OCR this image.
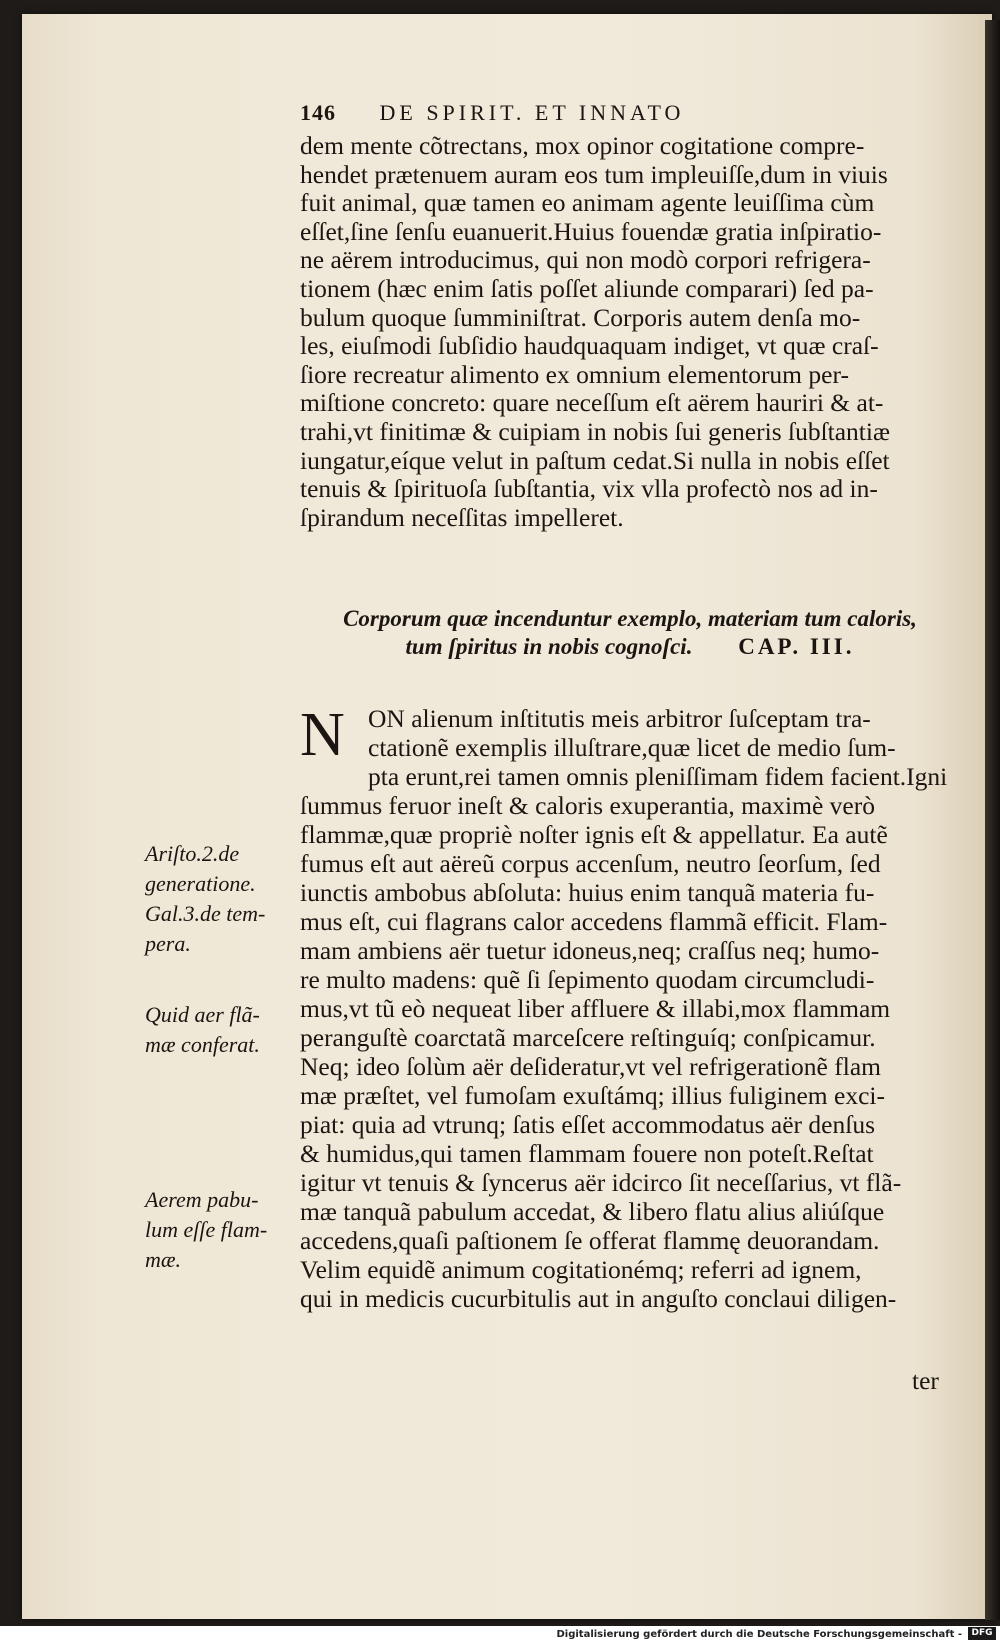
146 DE SPIRIT. ET INNATO
dem mente cõtrectans, mox opinor cogitatione compre-
hendet prætenuem auram eos tum impleuiſſe,dum in viuis
fuit animal, quæ tamen eo animam agente leuiſſima cùm
eſſet,ſine ſenſu euanuerit.Huius fouendæ gratia inſpiratio-
ne aërem introducimus, qui non modò corpori refrigera-
tionem (hæc enim ſatis poſſet aliunde comparari) ſed pa-
bulum quoque ſumminiſtrat. Corporis autem denſa mo-
les, eiuſmodi ſubſidio haudquaquam indiget, vt quæ craſ-
ſiore recreatur alimento ex omnium elementorum per-
miſtione concreto: quare neceſſum eſt aërem hauriri & at-
trahi,vt finitimæ & cuipiam in nobis ſui generis ſubſtantiæ
iungatur,eíque velut in paſtum cedat.Si nulla in nobis eſſet
tenuis & ſpirituoſa ſubſtantia, vix vlla profectò nos ad in-
ſpirandum neceſſitas impelleret.
Corporum quæ incenduntur exemplo, materiam tum caloris,
tum ſpiritus in nobis cognoſci. CAP. III.
N ON alienum inſtitutis meis arbitror ſuſceptam tra-
ctationẽ exemplis illuſtrare,quæ licet de medio ſum-
pta erunt,rei tamen omnis pleniſſimam fidem facient.Igni
ſummus feruor ineſt & caloris exuperantia, maximè verò
flammæ,quæ propriè noſter ignis eſt & appellatur. Ea autẽ
fumus eſt aut aëreũ corpus accenſum, neutro ſeorſum, ſed
iunctis ambobus abſoluta: huius enim tanquã materia fu-
mus eſt, cui flagrans calor accedens flammã efficit. Flam-
mam ambiens aër tuetur idoneus,neq; craſſus neq; humo-
re multo madens: quẽ ſi ſepimento quodam circumcludi-
mus,vt tũ eò nequeat liber affluere & illabi,mox flammam
peranguſtè coarctatã marceſcere reſtinguíq; conſpicamur.
Neq; ideo ſolùm aër deſideratur,vt vel refrigerationẽ flam
mæ præſtet, vel fumoſam exuſtámq; illius fuliginem exci-
piat: quia ad vtrunq; ſatis eſſet accommodatus aër denſus
& humidus,qui tamen flammam fouere non poteſt.Reſtat
igitur vt tenuis & ſyncerus aër idcirco ſit neceſſarius, vt flã-
mæ tanquã pabulum accedat, & libero flatu alius aliúſque
accedens,quaſi paſtionem ſe offerat flammę deuorandam.
Velim equidẽ animum cogitationémq; referri ad ignem,
qui in medicis cucurbitulis aut in anguſto conclaui diligen-
ter
Ariſto.2.de
generatione.
Gal.3.de tem-
pera.
Quid aer flã-
mæ conferat.
Aerem pabu-
lum eſſe flam-
mæ.
Digitalisierung gefördert durch die Deutsche Forschungsgemeinschaft -	DFG
